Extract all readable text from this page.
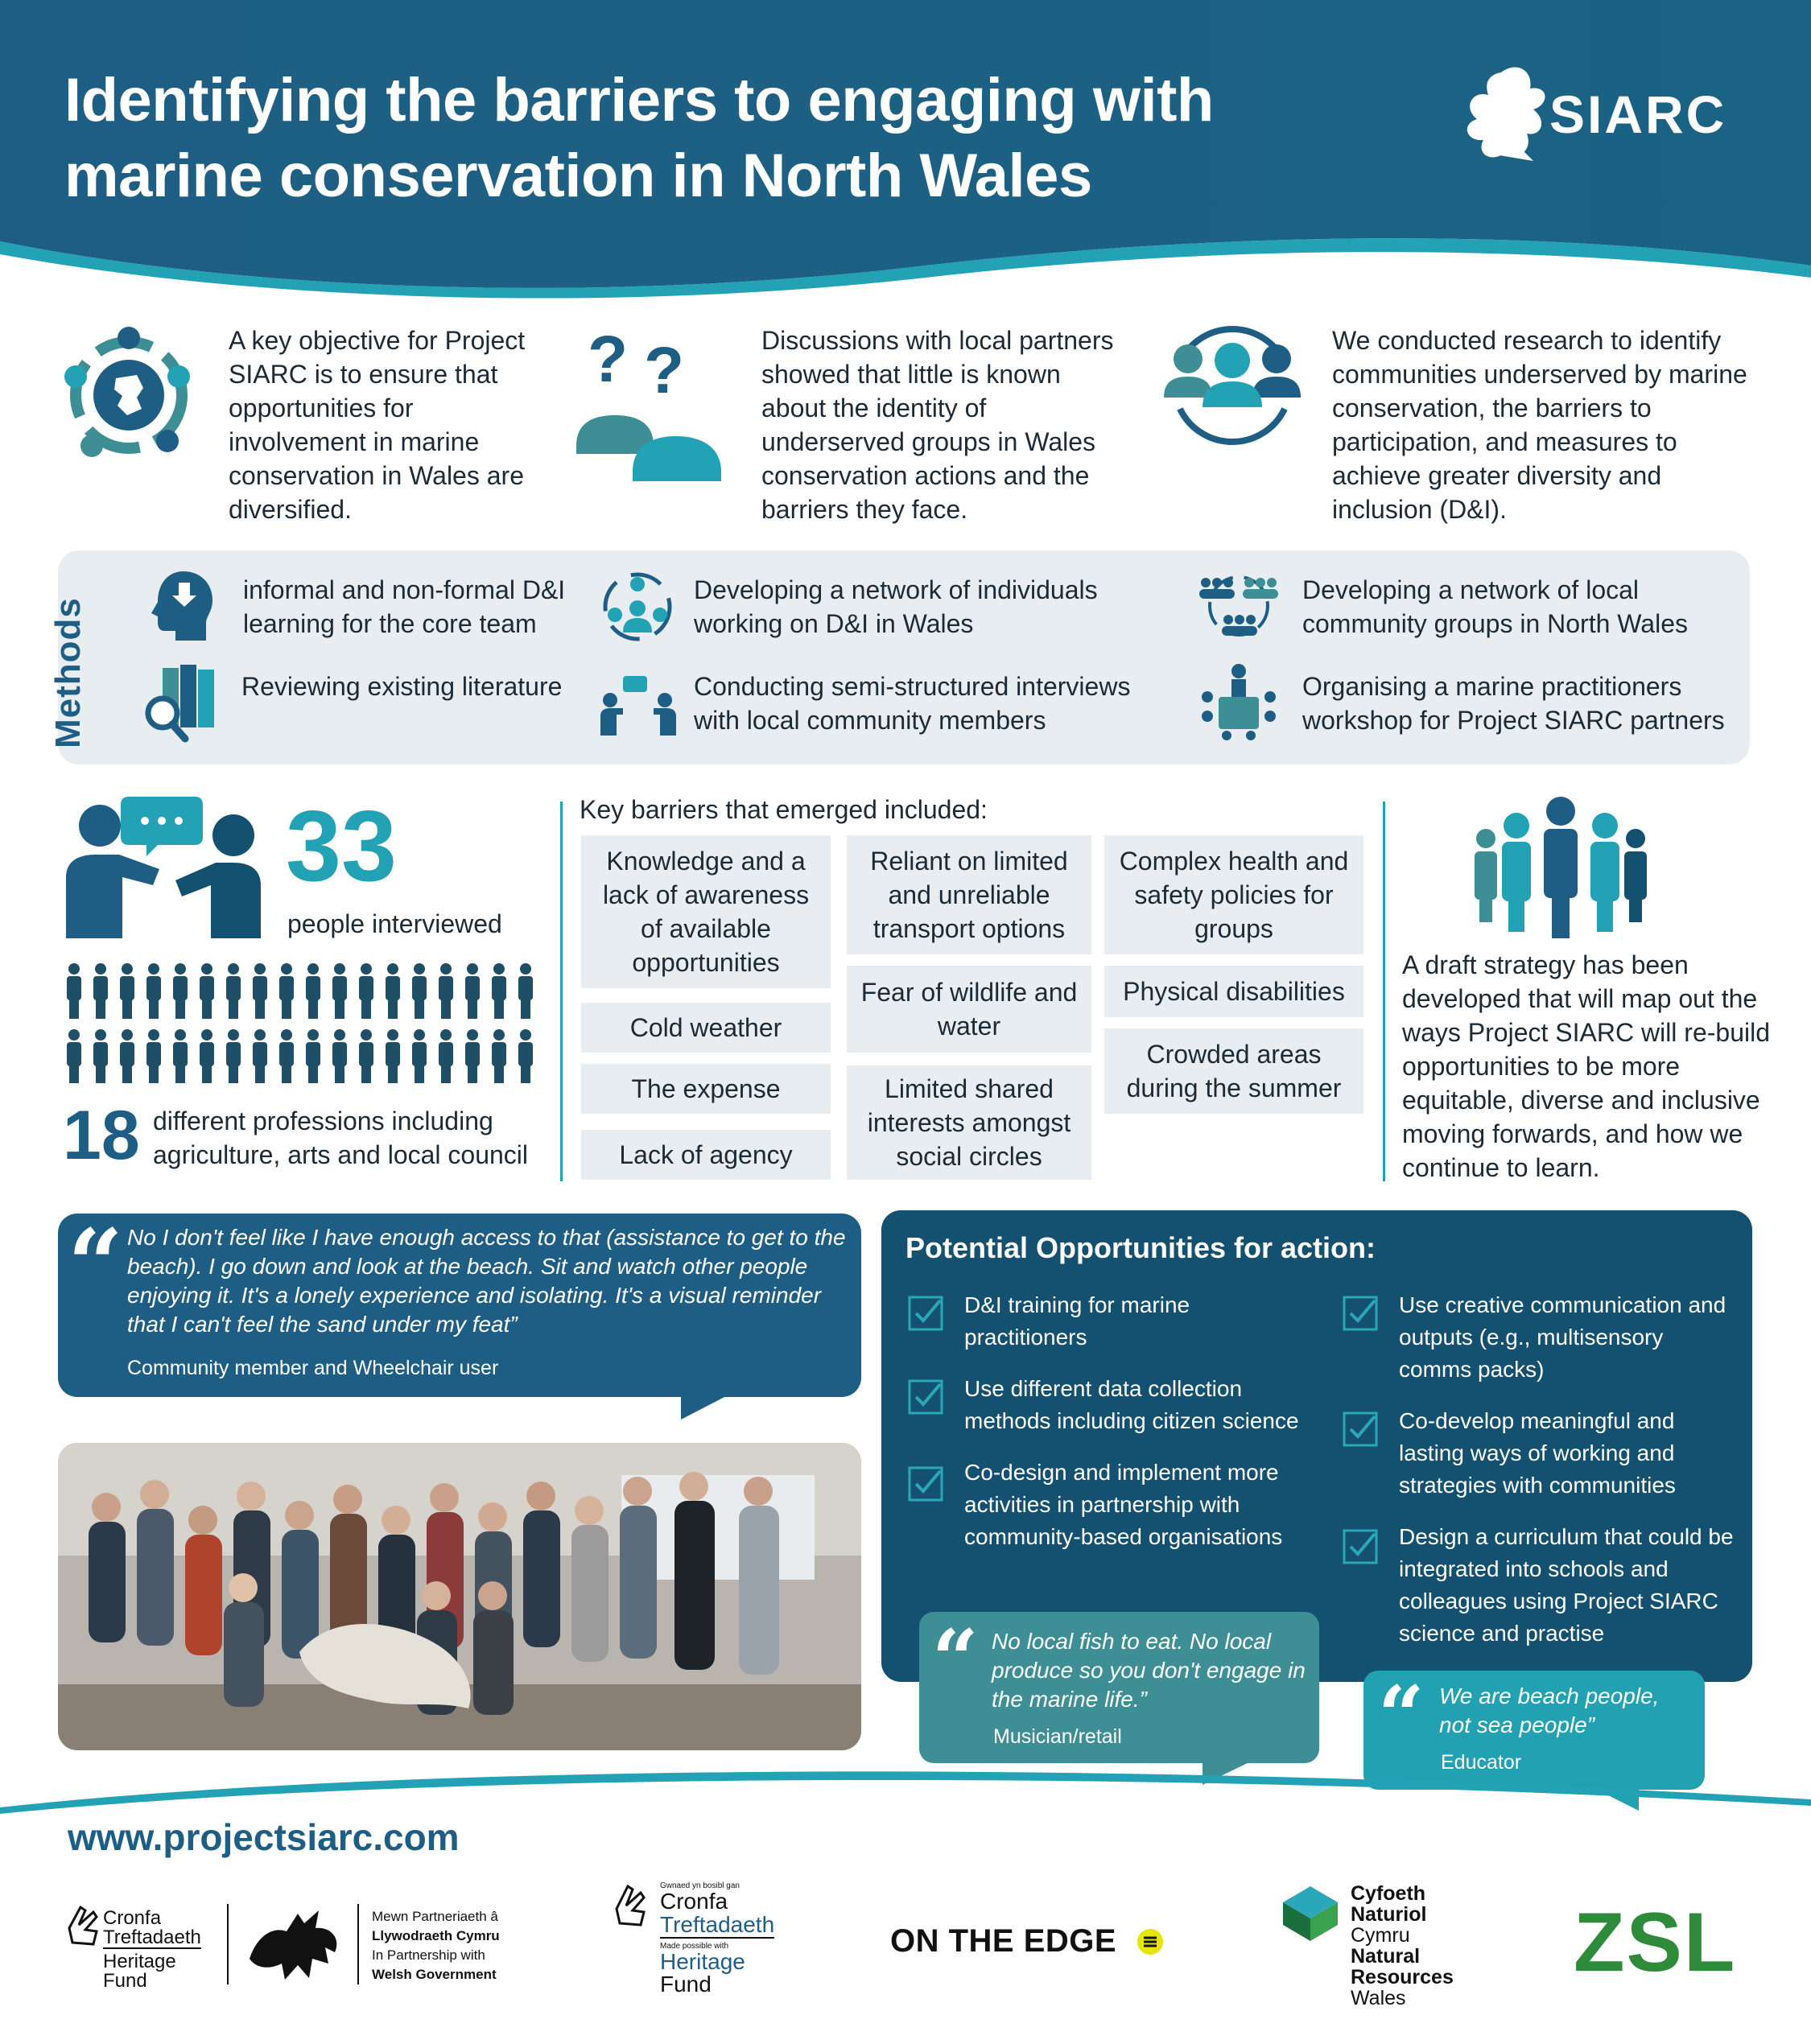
Identifying the barriers to engaging with
marine conservation in North Wales
SIARC
A key objective for Project SIARC is to ensure that opportunities for involvement in marine conservation in Wales are diversified.
? ?	Discussions with local partners showed that little is known about the identity of underserved groups in Wales conservation actions and the barriers they face.
We conducted research to identify communities underserved by marine conservation, the barriers to participation, and measures to achieve greater diversity and inclusion (D&I).
Methods
informal and non-formal D&I learning for the core team
Developing a network of individuals working on D&I in Wales
Developing a network of local community groups in North Wales
Reviewing existing literature	Conducting semi-structured interviews with local community members
Organising a marine practitioners workshop for Project SIARC partners
33
people interviewed
18 different professions including agriculture, arts and local council
Key barriers that emerged included:
Knowledge and a lack of awareness of available opportunities
Cold weather
The expense
Lack of agency
Reliant on limited and unreliable transport options
Fear of wildlife and water
Limited shared interests amongst social circles
Complex health and safety policies for groups
Physical disabilities
Crowded areas during the summer
A draft strategy has been developed that will map out the ways Project SIARC will re-build opportunities to be more equitable, diverse and inclusive moving forwards, and how we continue to learn.
“ No I don't feel like I have enough access to that (assistance to get to the beach). I go down and look at the beach. Sit and watch other people enjoying it. It's a lonely experience and isolating. It's a visual reminder that I can't feel the sand under my feat”
Community member and Wheelchair user
Potential Opportunities for action:
D&I training for marine practitioners
Use different data collection methods including citizen science
Co-design and implement more activities in partnership with community-based organisations
Use creative communication and outputs (e.g., multisensory comms packs)
Co-develop meaningful and lasting ways of working and strategies with communities
Design a curriculum that could be integrated into schools and colleagues using Project SIARC science and practise
“ No local fish to eat. No local produce so you don't engage in the marine life.”
Musician/retail	“ We are beach people, not sea people”
Educator
www.projectsiarc.com
Cronfa
Treftadaeth
Heritage
Fund
Mewn Partneriaeth â
Llywodraeth Cymru
In Partnership with
Welsh Government
Gwnaed yn bosibl gan
Cronfa
Treftadaeth
Made possible with
Heritage
Fund
ON THE EDGE
Cyfoeth
Naturiol
Cymru
Natural
Resources
Wales
ZSL
